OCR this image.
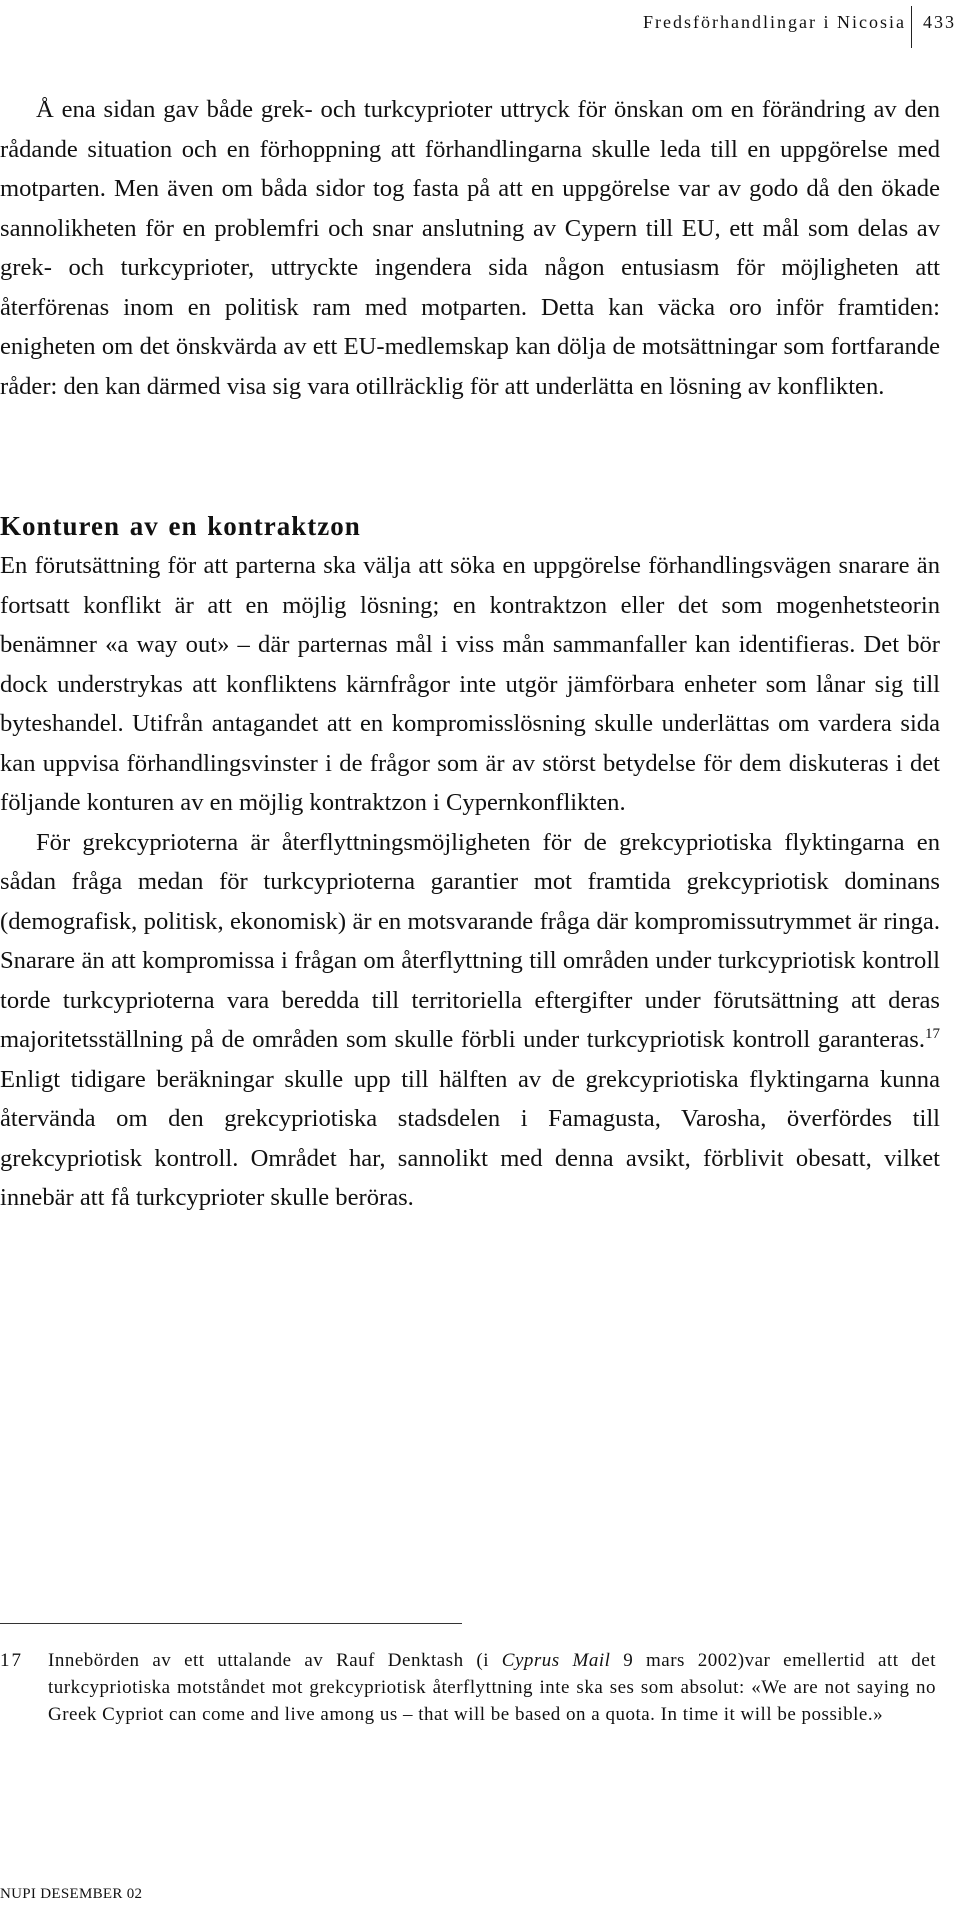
Fredsförhandlingar i Nicosia 433

Å ena sidan gav både grek- och turkcyprioter uttryck för önskan om en förändring av den rådande situation och en förhoppning att förhandlingarna skulle leda till en uppgörelse med motparten. Men även om båda sidor tog fasta på att en uppgörelse var av godo då den ökade sannolikheten för en problemfri och snar anslutning av Cypern till EU, ett mål som delas av grek- och turkcyprioter, uttryckte ingendera sida någon entusiasm för möjligheten att återförenas inom en politisk ram med motparten. Detta kan väcka oro inför framtiden: enigheten om det önskvärda av ett EU-medlemskap kan dölja de motsättningar som fortfarande råder: den kan därmed visa sig vara otillräcklig för att underlätta en lösning av konflikten.

Konturen av en kontraktzon

En förutsättning för att parterna ska välja att söka en uppgörelse förhandlingsvägen snarare än fortsatt konflikt är att en möjlig lösning; en kontraktzon eller det som mogenhetsteorin benämner «a way out» – där parternas mål i viss mån sammanfaller kan identifieras. Det bör dock understrykas att konfliktens kärnfrågor inte utgör jämförbara enheter som lånar sig till byteshandel. Utifrån antagandet att en kompromisslösning skulle underlättas om vardera sida kan uppvisa förhandlingsvinster i de frågor som är av störst betydelse för dem diskuteras i det följande konturen av en möjlig kontraktzon i Cypernkonflikten.

För grekcyprioterna är återflyttningsmöjligheten för de grekcypriotiska flyktingarna en sådan fråga medan för turkcyprioterna garantier mot framtida grekcypriotisk dominans (demografisk, politisk, ekonomisk) är en motsvarande fråga där kompromissutrymmet är ringa. Snarare än att kompromissa i frågan om återflyttning till områden under turkcypriotisk kontroll torde turkcyprioterna vara beredda till territoriella eftergifter under förutsättning att deras majoritetsställning på de områden som skulle förbli under turkcypriotisk kontroll garanteras.$^{17}$ Enligt tidigare beräkningar skulle upp till hälften av de grekcypriotiska flyktingarna kunna återvända om den grekcypriotiska stadsdelen i Famagusta, Varosha, överfördes till grekcypriotisk kontroll. Området har, sannolikt med denna avsikt, förblivit obesatt, vilket innebär att få turkcyprioter skulle beröras.

17 Innebörden av ett uttalande av Rauf Denktash (i Cyprus Mail 9 mars 2002)var emellertid att det turkcypriotiska motståndet mot grekcypriotisk återflyttning inte ska ses som absolut: «We are not saying no Greek Cypriot can come and live among us – that will be based on a quota. In time it will be possible.»
NUPI DESEMBER 02
